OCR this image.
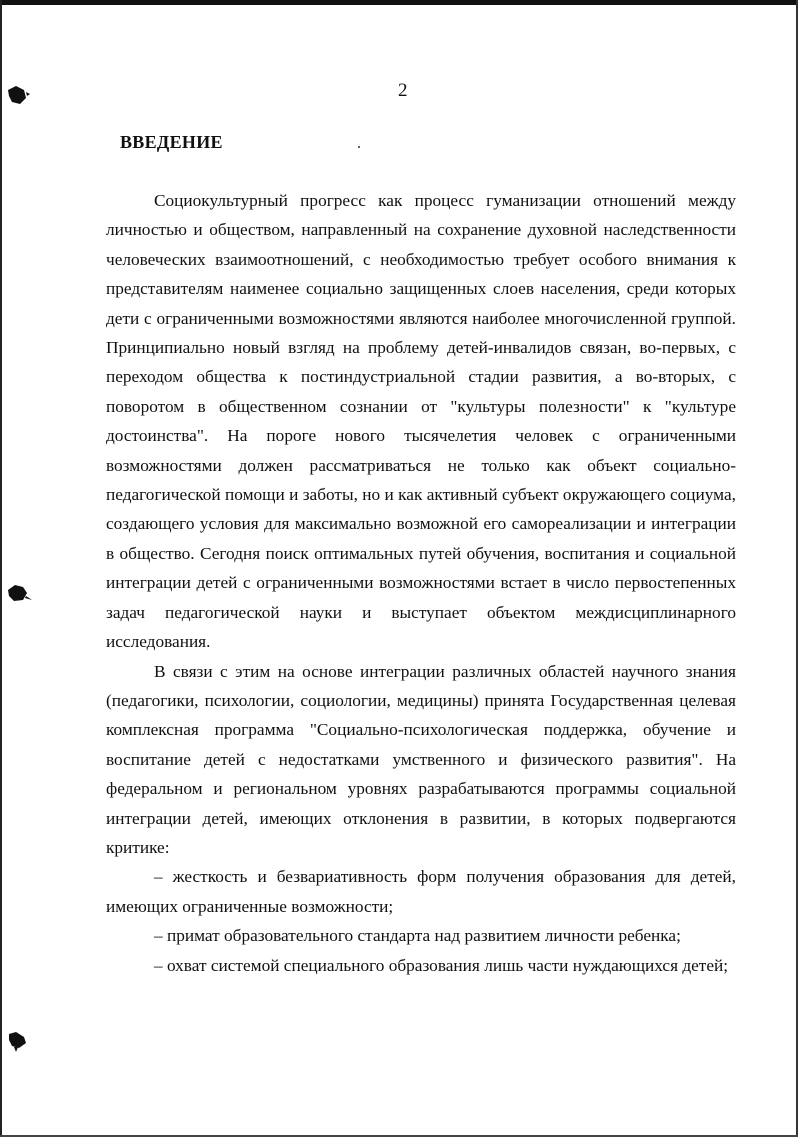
2
ВВЕДЕНИЕ

Социокультурный прогресс как процесс гуманизации отношений между личностью и обществом, направленный на сохранение духовной наследственности человеческих взаимоотношений, с необходимостью требует особого внимания к представителям наименее социально защищенных слоев населения, среди которых дети с ограниченными возможностями являются наиболее многочисленной группой. Принципиально новый взгляд на проблему детей-инвалидов связан, во-первых, с переходом общества к постиндустриальной стадии развития, а во-вторых, с поворотом в общественном сознании от "культуры полезности" к "культуре достоинства". На пороге нового тысячелетия человек с ограниченными возможностями должен рассматриваться не только как объект социально-педагогической помощи и заботы, но и как активный субъект окружающего социума, создающего условия для максимально возможной его самореализации и интеграции в общество. Сегодня поиск оптимальных путей обучения, воспитания и социальной интеграции детей с ограниченными возможностями встает в число первостепенных задач педагогической науки и выступает объектом междисциплинарного исследования.

В связи с этим на основе интеграции различных областей научного знания (педагогики, психологии, социологии, медицины) принята Государственная целевая комплексная программа "Социально-психологическая поддержка, обучение и воспитание детей с недостатками умственного и физического развития". На федеральном и региональном уровнях разрабатываются программы социальной интеграции детей, имеющих отклонения в развитии, в которых подвергаются критике:

– жесткость и безвариативность форм получения образования для детей, имеющих ограниченные возможности;

– примат образовательного стандарта над развитием личности ребенка;

– охват системой специального образования лишь части нуждающихся детей;
